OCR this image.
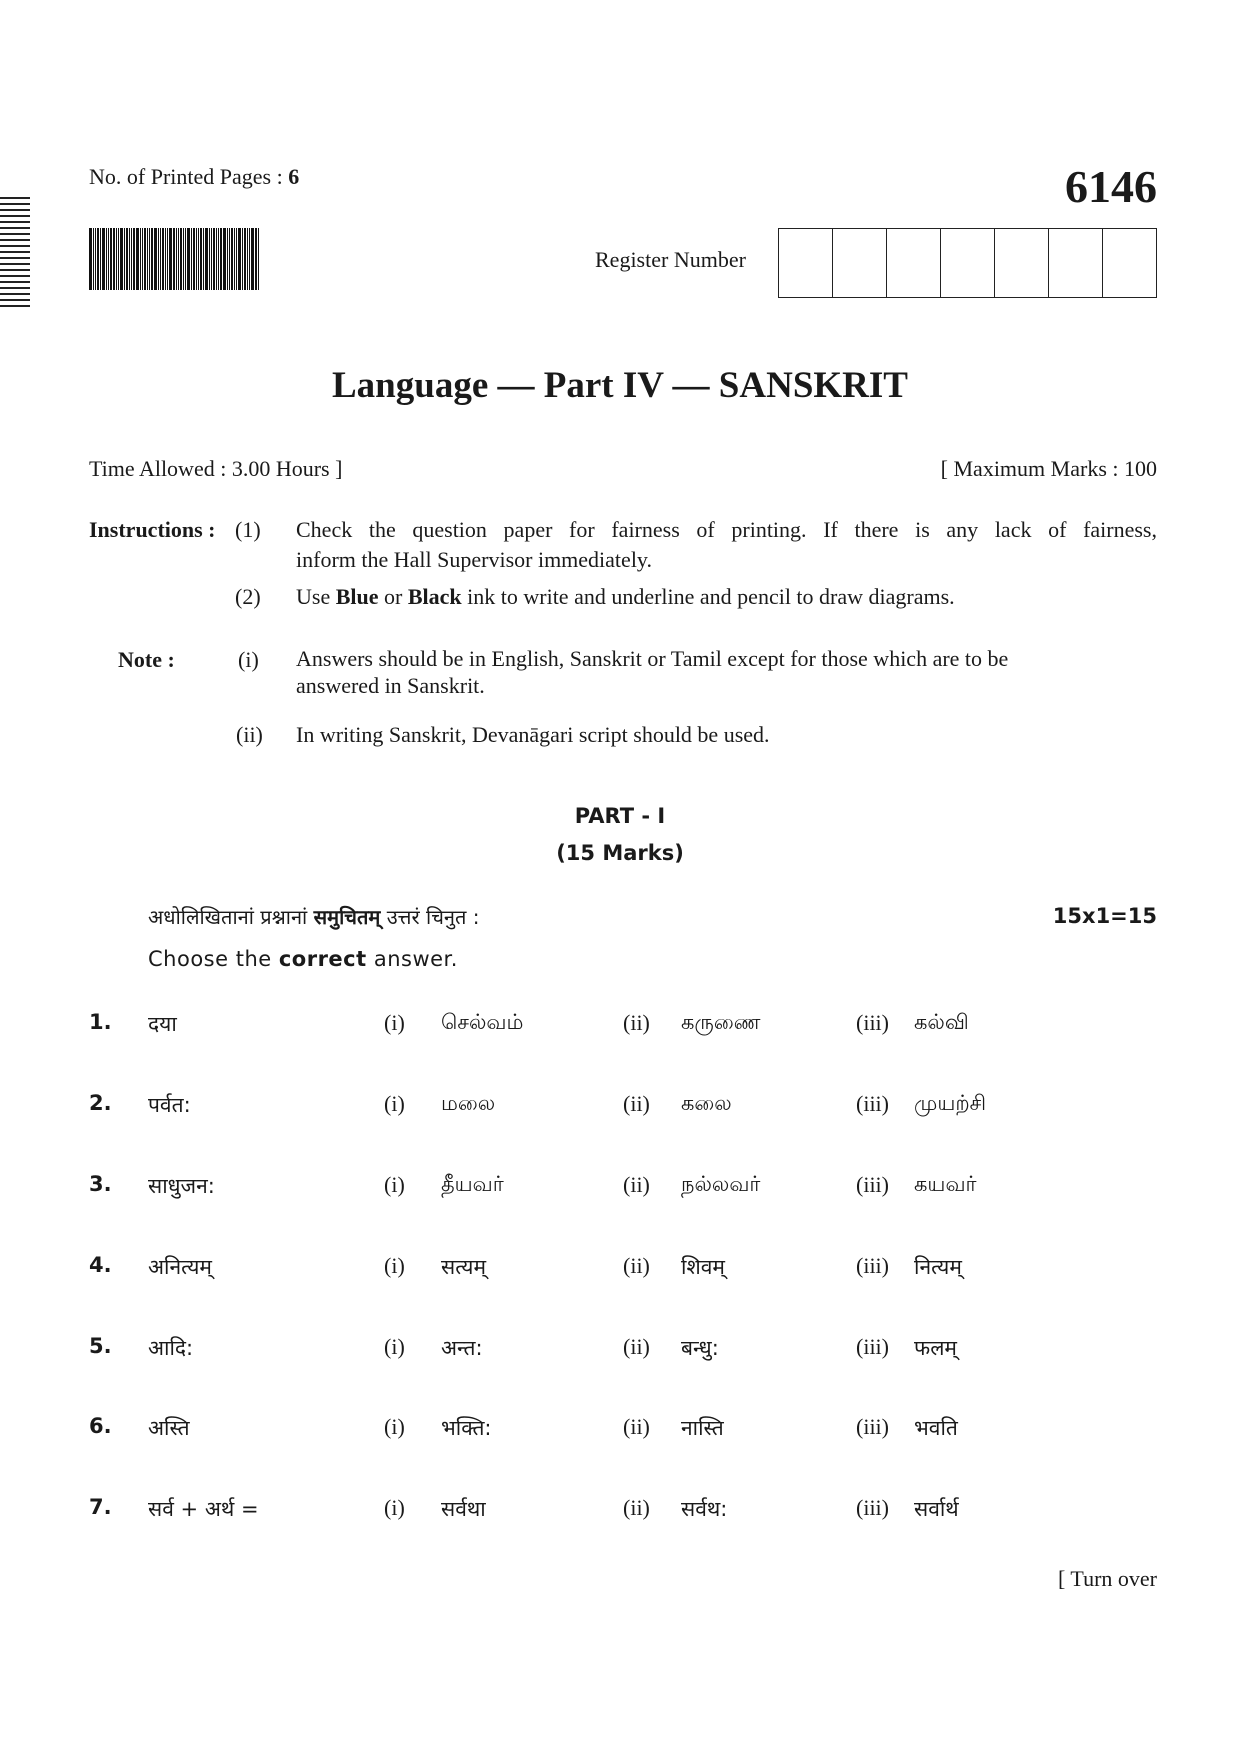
No. of Printed Pages : 6	6146
Register Number
Language — Part IV — SANSKRIT
Time Allowed : 3.00 Hours ]	[ Maximum Marks : 100
Instructions : (1) Check the question paper for fairness of printing. If there is any lack of fairness,
inform the Hall Supervisor immediately.
(2) Use Blue or Black ink to write and underline and pencil to draw diagrams.
Note :	(i) Answers should be in English, Sanskrit or Tamil except for those which are to be
answered in Sanskrit.
(ii) In writing Sanskrit, Devanāgari script should be used.
PART - I
(15 Marks)
अधोलिखितानां प्रश्नानां समुचितम् उत्तरं चिनुत :	15x1=15
Choose the correct answer.
1. दया	(i) செல்வம்	(ii) கருணை	(iii) கல்வி
2. पर्वत:	(i) மலை	(ii) கலை	(iii) முயற்சி
3. साधुजन:	(i) தீயவர்	(ii) நல்லவர்	(iii) கயவர்
4. अनित्यम्	(i) सत्यम्	(ii) शिवम्	(iii) नित्यम्
5. आदि:	(i) अन्त:	(ii) बन्धु:	(iii) फलम्
6. अस्ति	(i) भक्ति:	(ii) नास्ति	(iii) भवति
7. सर्व + अर्थ =	(i) सर्वथा	(ii) सर्वथ:	(iii) सर्वार्थ
[ Turn over
